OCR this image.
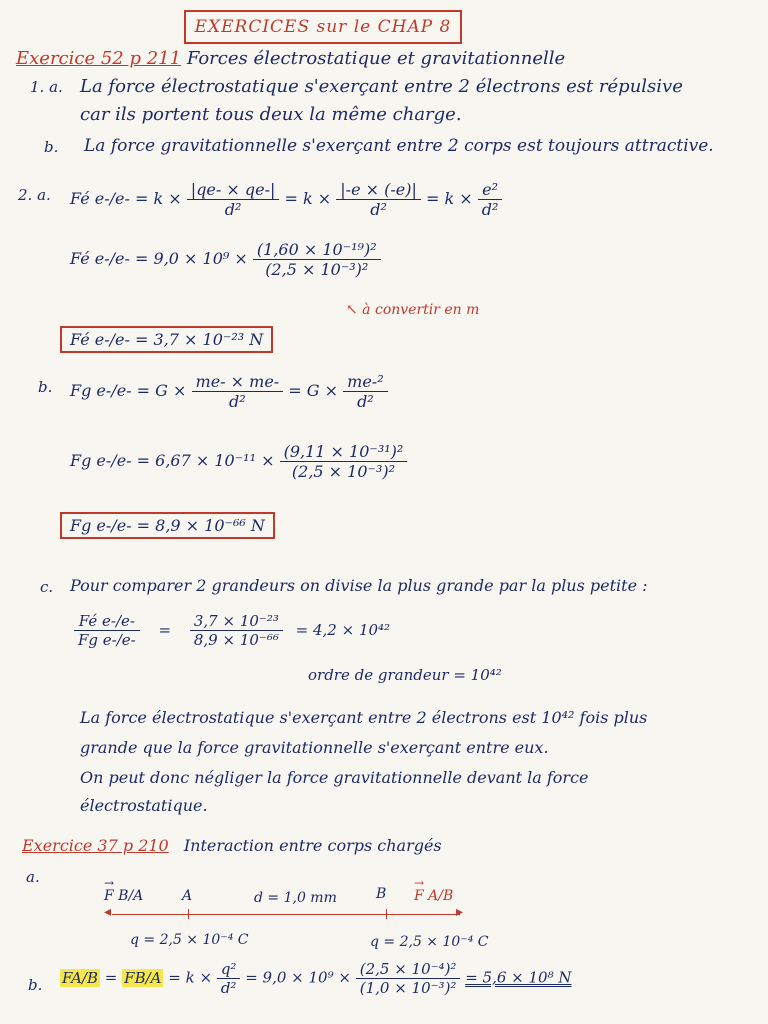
EXERCICES sur le CHAP 8
Exercice 52 p 211 Forces électrostatique et gravitationnelle
1. a. La force électrostatique s'exerçant entre 2 électrons est répulsive
car ils portent tous deux la même charge.
b. La force gravitationnelle s'exerçant entre 2 corps est toujours attractive.
2. a. Fé $e-/e- = k \times \frac{|qe- \times qe-|}{\text{d²}} = k \times \frac{|-e \times (-e)|}{\text{d²}} = k \times \frac{\text{e²}}{\text{d²}}$
Fé $e-/e- = 9,0 \times 10^9 \times \frac{\text{(1,60 × 10⁻¹⁹)²}}{\text{(2,5 × 10⁻³)²}}$
↖ à convertir en m
Fé e-/e- = 3,7 × 10⁻²³ N
b. Fg $e-/e- = G \times \frac{me- \times me-}{\text{d²}} = G \times \frac{\text{me-²}}{\text{d²}}$
Fg $e-/e- = 6,67 \times 10^{-11} \times \frac{\text{(9,11 × 10⁻³¹)²}}{\text{(2,5 × 10⁻³)²}}$
Fg e-/e- = 8,9 × 10⁻⁶⁶ N
c. Pour comparer 2 grandeurs on divise la plus grande par la plus petite :
$\frac{\text{Fé e-/e-}}{\text{Fg e-/e-}} = \frac{\text{3,7 × 10⁻²³}}{\text{8,9 × 10⁻⁶⁶}} = 4,2 \times 10^{42}$
ordre de grandeur = 10⁴²
La force électrostatique s'exerçant entre 2 électrons est 10⁴² fois plus
grande que la force gravitationnelle s'exerçant entre eux.
On peut donc négliger la force gravitationnelle devant la force
électrostatique.
Exercice 37 p 210 Interaction entre corps chargés
a.	→
F B/A	A	d = 1,0 mm	B
→
F A/B
◂	▸
q = 2,5 × 10⁻⁴ C	q = 2,5 × 10⁻⁴ C
b. $FA/B = FB/A = k \times \frac{\text{q²}}{\text{d²}} = 9,0 \times 10^9 \times \frac{\text{(2,5 × 10⁻⁴)²}}{\text{(1,0 × 10⁻³)²}} = 5,6 \times 10^8$ N
